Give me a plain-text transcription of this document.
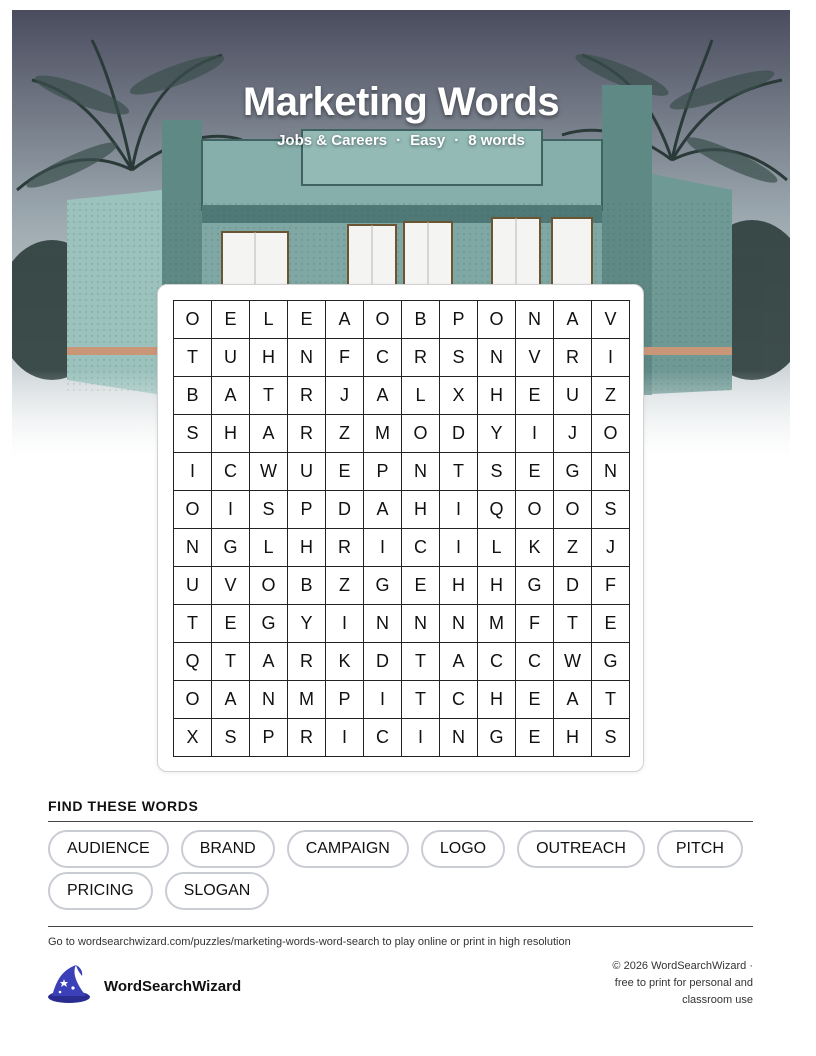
Marketing Words
Jobs & Careers · Easy · 8 words
O	E	L	E	A	O	B	P	O	N	A	V
T	U	H	N	F	C	R	S	N	V	R	I
B	A	T	R	J	A	L	X	H	E	U	Z
S	H	A	R	Z	M	O	D	Y	I	J	O
I	C	W	U	E	P	N	T	S	E	G	N
O	I	S	P	D	A	H	I	Q	O	O	S
N	G	L	H	R	I	C	I	L	K	Z	J
U	V	O	B	Z	G	E	H	H	G	D	F
T	E	G	Y	I	N	N	N	M	F	T	E
Q	T	A	R	K	D	T	A	C	C	W	G
O	A	N	M	P	I	T	C	H	E	A	T
X	S	P	R	I	C	I	N	G	E	H	S
FIND THESE WORDS
AUDIENCE	BRAND	CAMPAIGN	LOGO	OUTREACH	PITCH
PRICING	SLOGAN
Go to wordsearchwizard.com/puzzles/marketing-words-word-search to play online or print in high resolution
WordSearchWizard
© 2026 WordSearchWizard ·
free to print for personal and
classroom use
